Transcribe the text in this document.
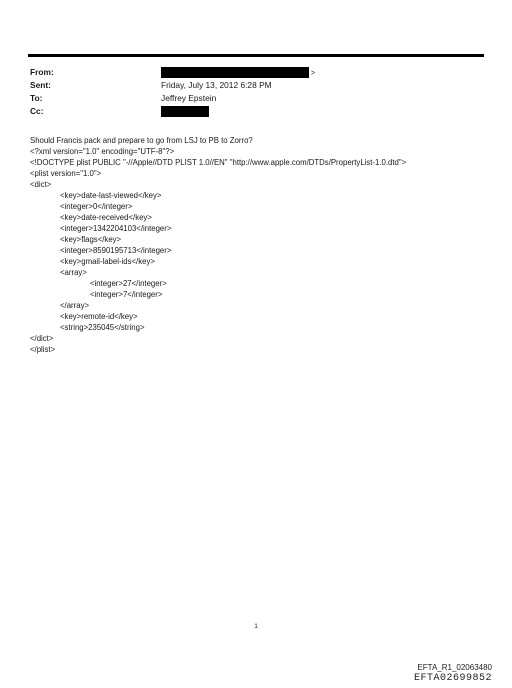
From:	>
Sent:	Friday, July 13, 2012 6:28 PM
To:	Jeffrey Epstein
Cc:
Should Francis pack and prepare to go from LSJ to PB to Zorro?
<?xml version="1.0" encoding="UTF-8"?>
<!DOCTYPE plist PUBLIC "-//Apple//DTD PLIST 1.0//EN" "http://www.apple.com/DTDs/PropertyList-1.0.dtd">
<plist version="1.0">
<dict>
<key>date-last-viewed</key>
<integer>0</integer>
<key>date-received</key>
<integer>1342204103</integer>
<key>flags</key>
<integer>8590195713</integer>
<key>gmail-label-ids</key>
<array>
<integer>27</integer>
<integer>7</integer>
</array>
<key>remote-id</key>
<string>235045</string>
</dict>
</plist>
1
EFTA_R1_02063480
EFTA02699852
